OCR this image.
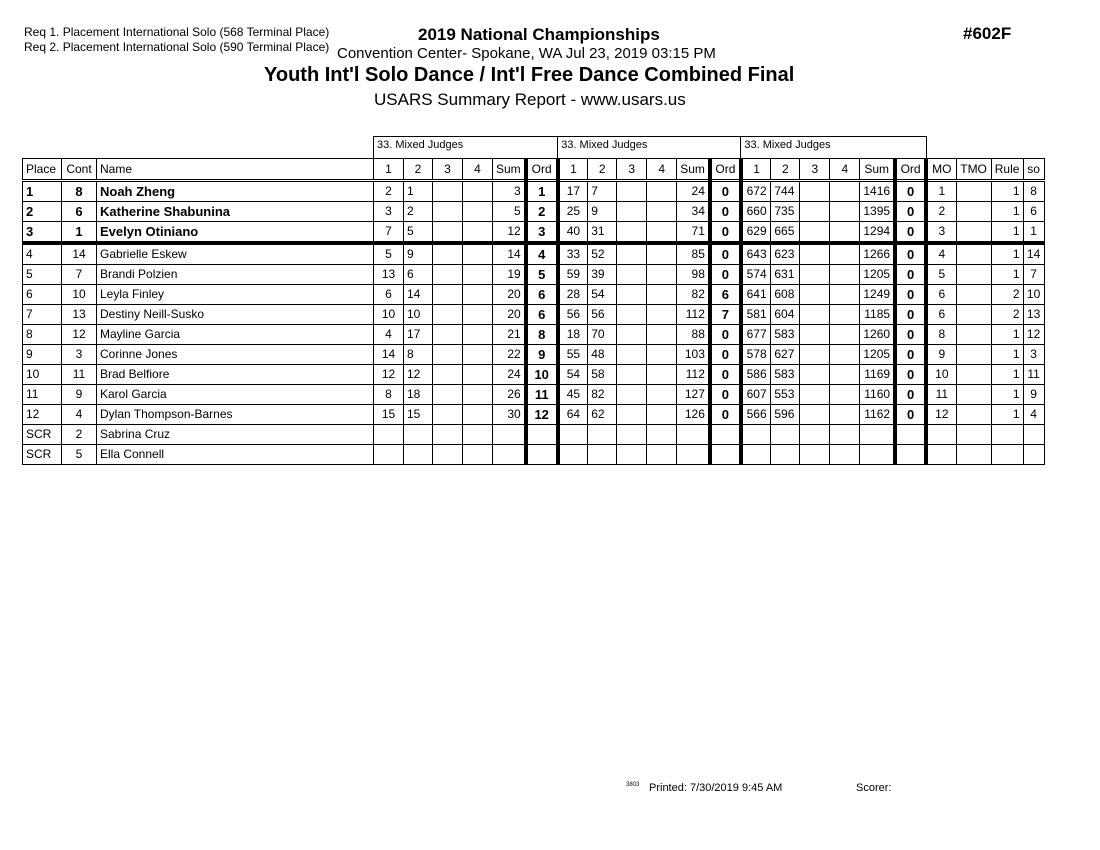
Req 1. Placement International Solo (568 Terminal Place)
Req 2. Placement International Solo (590 Terminal Place)
2019 National Championships
Convention Center- Spokane, WA Jul 23, 2019 03:15 PM
Youth Int'l Solo Dance / Int'l Free Dance Combined Final
USARS Summary Report - www.usars.us
#602F
			33. Mixed Judges						33. Mixed Judges						33. Mixed Judges									
Place	Cont	Name	1	2	3	4	Sum	Ord	1	2	3	4	Sum	Ord	1	2	3	4	Sum	Ord	MO	TMO	Rule	so
1	8	Noah Zheng	2	1			3	1	17	7			24	0	672	744			1416	0	1		1	8
2	6	Katherine Shabunina	3	2			5	2	25	9			34	0	660	735			1395	0	2		1	6
3	1	Evelyn Otiniano	7	5			12	3	40	31			71	0	629	665			1294	0	3		1	1
4	14	Gabrielle Eskew	5	9			14	4	33	52			85	0	643	623			1266	0	4		1	14
5	7	Brandi Polzien	13	6			19	5	59	39			98	0	574	631			1205	0	5		1	7
6	10	Leyla Finley	6	14			20	6	28	54			82	6	641	608			1249	0	6		2	10
7	13	Destiny Neill-Susko	10	10			20	6	56	56			112	7	581	604			1185	0	6		2	13
8	12	Mayline Garcia	4	17			21	8	18	70			88	0	677	583			1260	0	8		1	12
9	3	Corinne Jones	14	8			22	9	55	48			103	0	578	627			1205	0	9		1	3
10	11	Brad Belfiore	12	12			24	10	54	58			112	0	586	583			1169	0	10		1	11
11	9	Karol Garcia	8	18			26	11	45	82			127	0	607	553			1160	0	11		1	9
12	4	Dylan Thompson-Barnes	15	15			30	12	64	62			126	0	566	596			1162	0	12		1	4
SCR	2	Sabrina Cruz																						
SCR	5	Ella Connell																						
3803 Printed: 7/30/2019 9:45 AM	Scorer:
